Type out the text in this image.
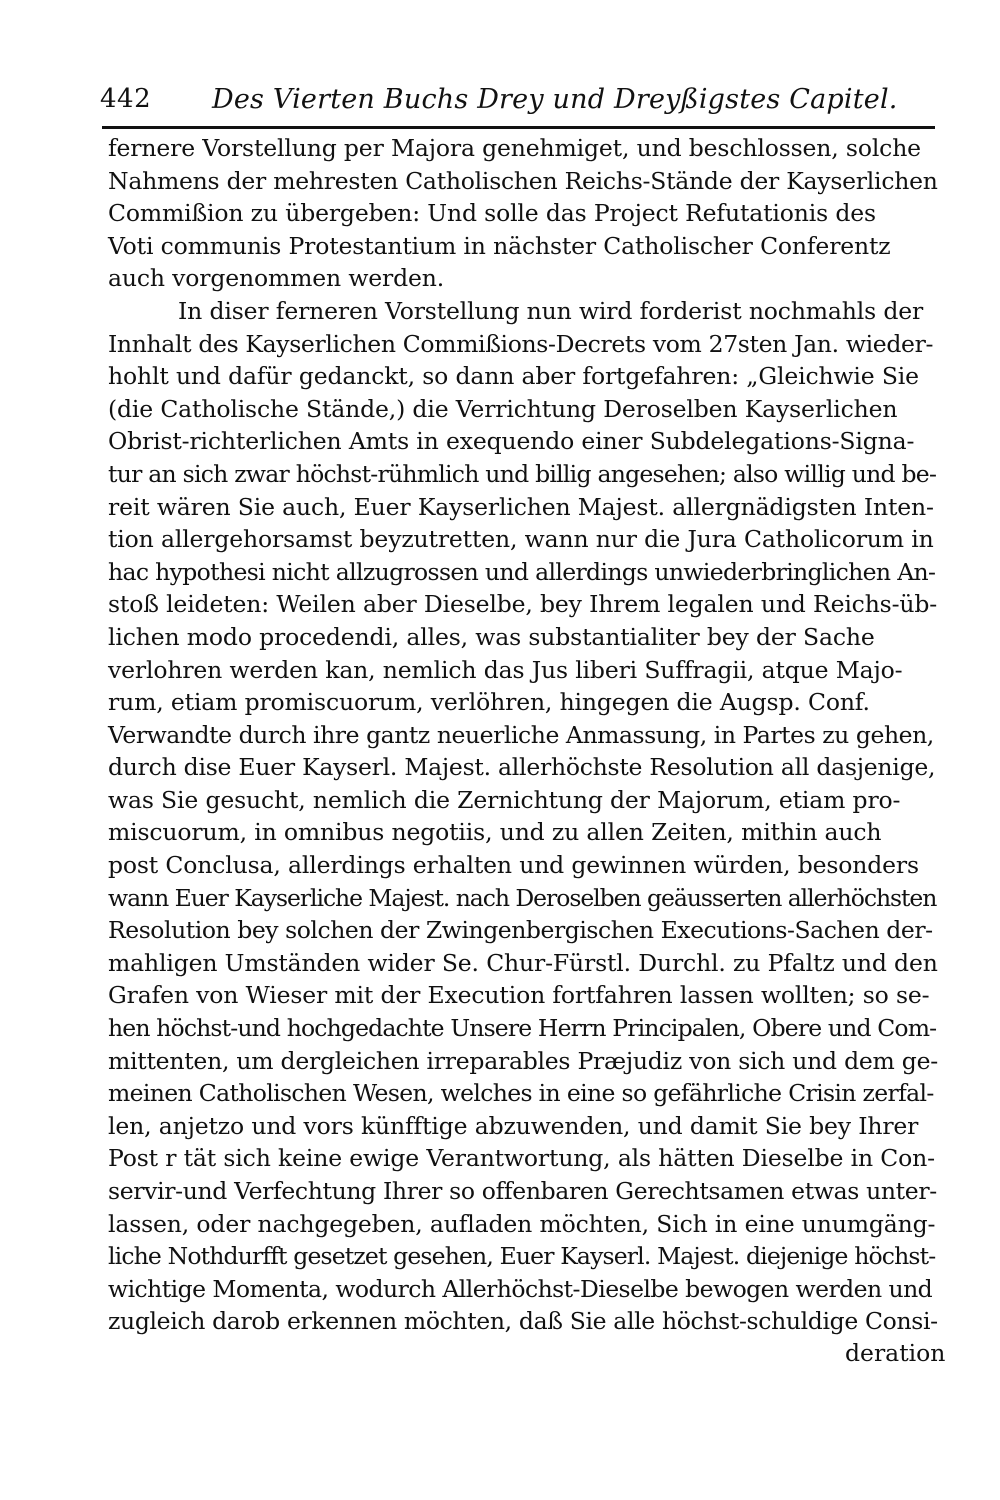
442 Des Vierten Buchs Drey und Dreyßigstes Capitel.
fernere Vorstellung per Majora genehmiget, und beschlossen, solche
Nahmens der mehresten Catholischen Reichs-Stände der Kayserlichen
Commißion zu übergeben: Und solle das Project Refutationis des
Voti communis Protestantium in nächster Catholischer Conferentz
auch vorgenommen werden.
In diser ferneren Vorstellung nun wird forderist nochmahls der
Innhalt des Kayserlichen Commißions-Decrets vom 27sten Jan. wieder-
hohlt und dafür gedanckt, so dann aber fortgefahren: „Gleichwie Sie
(die Catholische Stände,) die Verrichtung Deroselben Kayserlichen
Obrist-richterlichen Amts in exequendo einer Subdelegations-Signa-
tur an sich zwar höchst-rühmlich und billig angesehen; also willig und be-
reit wären Sie auch, Euer Kayserlichen Majest. allergnädigsten Inten-
tion allergehorsamst beyzutretten, wann nur die Jura Catholicorum in
hac hypothesi nicht allzugrossen und allerdings unwiederbringlichen An-
stoß leideten: Weilen aber Dieselbe, bey Ihrem legalen und Reichs-üb-
lichen modo procedendi, alles, was substantialiter bey der Sache
verlohren werden kan, nemlich das Jus liberi Suffragii, atque Majo-
rum, etiam promiscuorum, verlöhren, hingegen die Augsp. Conf.
Verwandte durch ihre gantz neuerliche Anmassung, in Partes zu gehen,
durch dise Euer Kayserl. Majest. allerhöchste Resolution all dasjenige,
was Sie gesucht, nemlich die Zernichtung der Majorum, etiam pro-
miscuorum, in omnibus negotiis, und zu allen Zeiten, mithin auch
post Conclusa, allerdings erhalten und gewinnen würden, besonders
wann Euer Kayserliche Majest. nach Deroselben geäusserten allerhöchsten
Resolution bey solchen der Zwingenbergischen Executions-Sachen der-
mahligen Umständen wider Se. Chur-Fürstl. Durchl. zu Pfaltz und den
Grafen von Wieser mit der Execution fortfahren lassen wollten; so se-
hen höchst-und hochgedachte Unsere Herrn Principalen, Obere und Com-
mittenten, um dergleichen irreparables Præjudiz von sich und dem ge-
meinen Catholischen Wesen, welches in eine so gefährliche Crisin zerfal-
len, anjetzo und vors künfftige abzuwenden, und damit Sie bey Ihrer
Post r tät sich keine ewige Verantwortung, als hätten Dieselbe in Con-
servir-und Verfechtung Ihrer so offenbaren Gerechtsamen etwas unter-
lassen, oder nachgegeben, aufladen möchten, Sich in eine unumgäng-
liche Nothdurfft gesetzet gesehen, Euer Kayserl. Majest. diejenige höchst-
wichtige Momenta, wodurch Allerhöchst-Dieselbe bewogen werden und
zugleich darob erkennen möchten, daß Sie alle höchst-schuldige Consi-
deration
